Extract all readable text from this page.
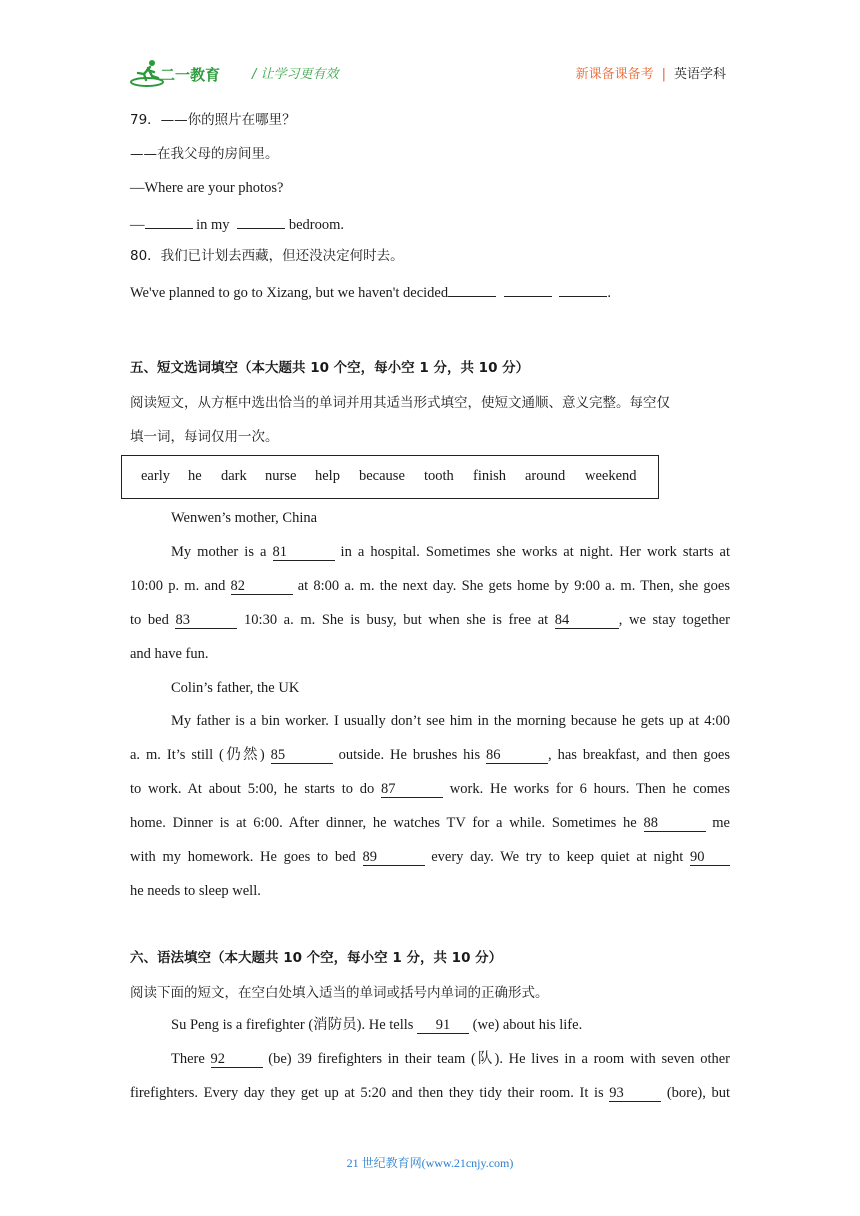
二一教育 / 让学习更有效	新课备课备考 | 英语学科
79．——你的照片在哪里？
——在我父母的房间里。
—Where are your photos?
—	in my	bedroom.
80．我们已计划去西藏，但还没决定何时去。
We've planned to go to Xizang, but we haven't decided	.
五、短文选词填空（本大题共 10 个空，每小空 1 分，共 10 分）
阅读短文，从方框中选出恰当的单词并用其适当形式填空，使短文通顺、意义完整。每空仅
填一词，每词仅用一次。
early he dark nurse help because tooth finish around weekend
Wenwen’s mother, China
My mother is a 81	in a hospital. Sometimes she works at night. Her work starts at
10:00 p. m. and 82	at 8:00 a. m. the next day. She gets home by 9:00 a. m. Then, she goes
to bed 83	10:30 a. m. She is busy, but when she is free at 84	, we stay together
and have fun.
Colin’s father, the UK
My father is a bin worker. I usually don’t see him in the morning because he gets up at 4:00
a. m. It’s still (仍然) 85	outside. He brushes his 86	, has breakfast, and then goes
to work. At about 5:00, he starts to do 87	work. He works for 6 hours. Then he comes
home. Dinner is at 6:00. After dinner, he watches TV for a while. Sometimes he 88	me
with my homework. He goes to bed 89	every day. We try to keep quiet at night 90
he needs to sleep well.
六、语法填空（本大题共 10 个空，每小空 1 分，共 10 分）
阅读下面的短文，在空白处填入适当的单词或括号内单词的正确形式。
Su Peng is a firefighter (消防员). He tells 91 (we) about his life.
There 92	(be) 39 firefighters in their team (队). He lives in a room with seven other
firefighters. Every day they get up at 5:20 and then they tidy their room. It is 93	(bore), but
21 世纪教育网(www.21cnjy.com)
